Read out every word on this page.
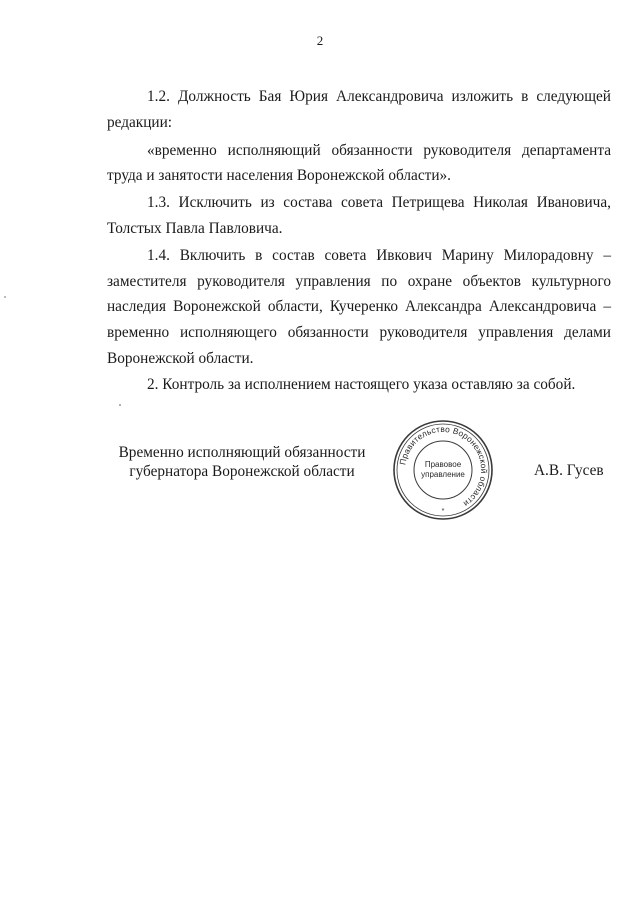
2
1.2. Должность Бая Юрия Александровича изложить в следующей
редакции:
«временно исполняющий обязанности руководителя департамента
труда и занятости населения Воронежской области».
1.3. Исключить из состава совета Петрищева Николая Ивановича,
Толстых Павла Павловича.
1.4. Включить в состав совета Ивкович Марину Милорадовну –
заместителя руководителя управления по охране объектов культурного
наследия Воронежской области, Кучеренко Александра Александровича –
временно исполняющего обязанности руководителя управления делами
Воронежской области.
2. Контроль за исполнением настоящего указа оставляю за собой.
Временно исполняющий обязанности
губернатора Воронежской области
Правительство Воронежской области
Правовое
управление
*
А.В. Гусев
